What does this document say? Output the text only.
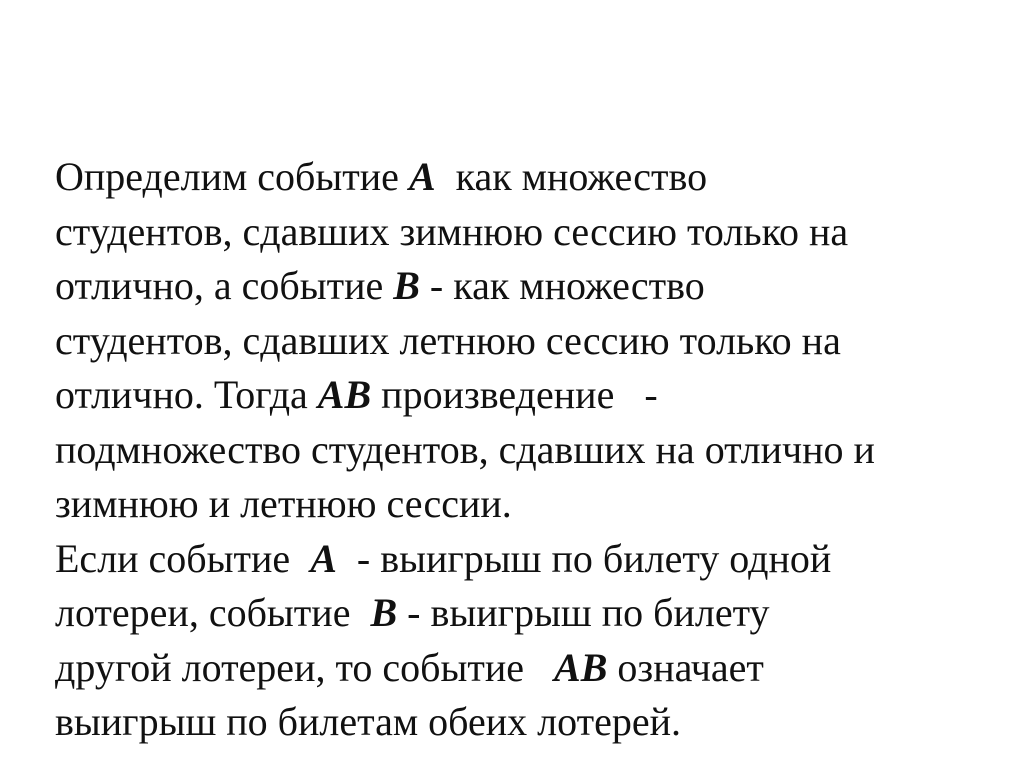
Определим событие A  как множество
студентов, сдавших зимнюю сессию только на
отлично, а событие B - как множество
студентов, сдавших летнюю сессию только на
отлично. Тогда AB произведение   -
подмножество студентов, сдавших на отлично и
зимнюю и летнюю сессии.
Если событие  A  - выигрыш по билету одной
лотереи, событие  B - выигрыш по билету
другой лотереи, то событие   AB означает
выигрыш по билетам обеих лотерей.
